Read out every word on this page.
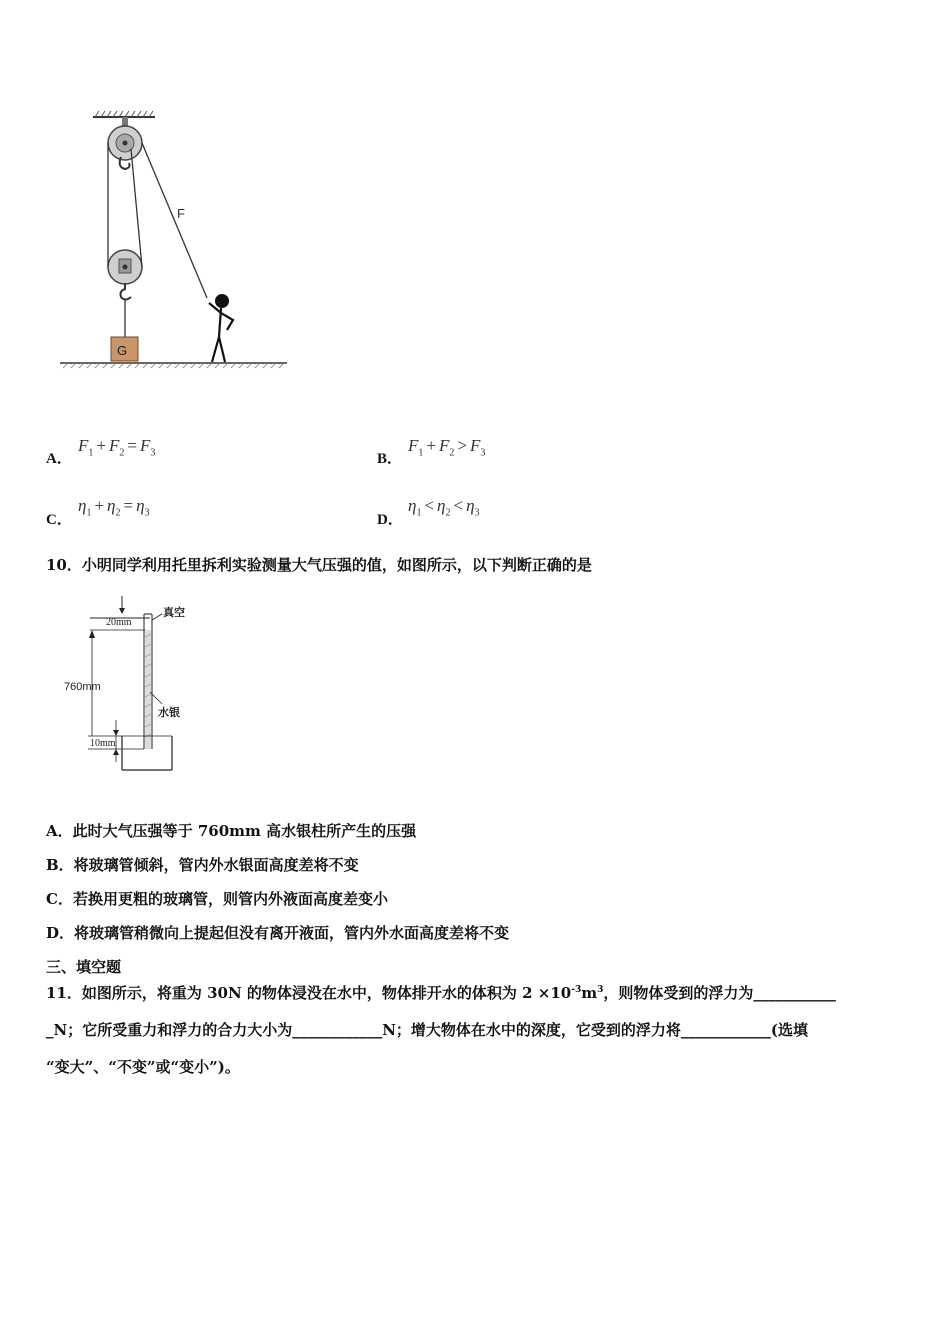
F
G
A．
$F_1 + F_2 = F_3$	B．
$F_1 + F_2 > F_3$
C．
$\eta_1 + \eta_2 = \eta_3$	D．
$\eta_1 < \eta_2 < \eta_3$
10．小明同学利用托里拆利实验测量大气压强的值，如图所示，以下判断正确的是
20mm
真空
760mm
水银
10mm
A．此时大气压强等于 760mm 高水银柱所产生的压强
B．将玻璃管倾斜，管内外水银面高度差将不变
C．若换用更粗的玻璃管，则管内外液面高度差变小
D．将玻璃管稍微向上提起但没有离开液面，管内外水面高度差将不变
三、填空题
11．如图所示，将重为 30N 的物体浸没在水中，物体排开水的体积为 $2 \times 10^{-3}m^3$，则物体受到的浮力为___________
_N；它所受重力和浮力的合力大小为____________N；增大物体在水中的深度，它受到的浮力将____________(选填
“变大”、“不变”或“变小”)。
